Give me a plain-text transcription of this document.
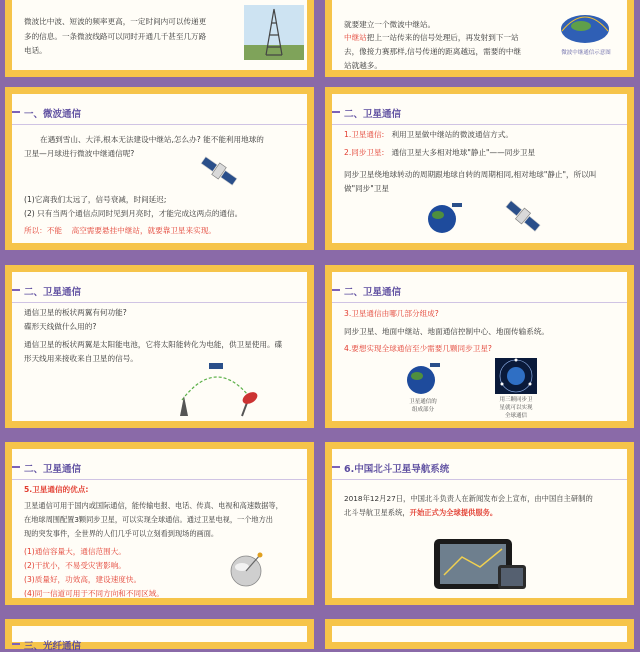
微波比中波、短波的频率更高，一定时间内可以传递更

多的信息。一条微波线路可以同时开通几千甚至几万路

电话。

就要建立一个微波中继站。

中继站把上一站传来的信号处理后，再发射到下一站

去，像接力赛那样,信号传递的距离越远，需要的中继

站就越多。

微波中继通信示意图
一、微波通信

在遇到雪山、大洋,根本无法建设中继站,怎么办? 能不能利用地球的

卫星—月球进行微波中继通信呢?

(1)它离我们太远了，信号衰减，时间延迟;

(2) 只有当两个通信点同时见到月亮时，才能完成这两点的通信。

所以：不能 高空需要悬挂中继站，就要靠卫星来实现。

二、卫星通信

1.卫星通信: 利用卫星做中继站的微波通信方式。

2.同步卫星: 通信卫星大多相对地球"静止"——同步卫星

同步卫星绕地球转动的周期跟地球自转的周期相同,相对地球"静止"，所以叫

做"同步"卫星

二、卫星通信

通信卫星的板状两翼有何功能?

碟形天线做什么用的?

通信卫星的板状两翼是太阳能电池，它将太阳能转化为电能，供卫星使用。碟

形天线用来接收来自卫星的信号。

二、卫星通信

3.卫星通信由哪几部分组成?

同步卫星、地面中继站、地面通信控制中心、地面传输系统。

4.要想实现全球通信至少需要几颗同步卫星?

卫星通信的
组成部分
用三颗同步卫
星就可以实现
全球通信
二、卫星通信

5.卫星通信的优点:

卫星通信可用于国内或国际通信，能传输电报、电话、传真、电视和高速数据等，

在地球周围配置3颗同步卫星，可以实现全球通信。通过卫星电视，一个地方出

现的突发事件，全世界的人们几乎可以立刻看到现场的画面。

(1)通信容量大，通信范围大。

(2)干扰小，不易受灾害影响。

(3)质量好，功效高，建设速度快。

(4)同一信道可用于不同方向和不同区域。

6.中国北斗卫星导航系统

2018年12月27日，中国北斗负责人在新闻发布会上宣布，由中国自主研制的

北斗导航卫星系统，开始正式为全球提供服务。

三、光纤通信
